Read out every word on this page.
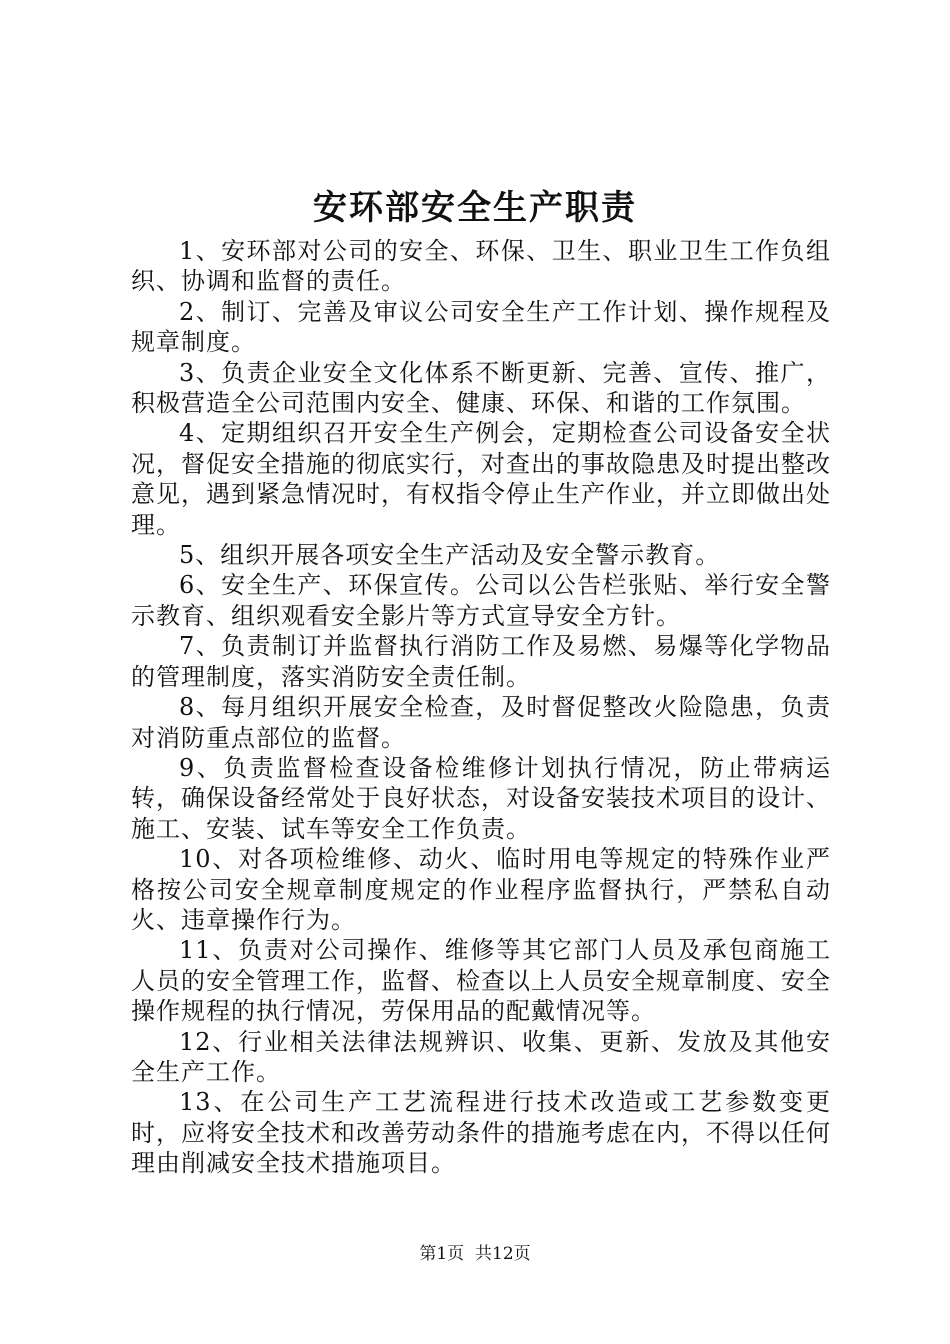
安环部安全生产职责

1、安环部对公司的安全、环保、卫生、职业卫生工作负组织、协调和监督的责任。

2、制订、完善及审议公司安全生产工作计划、操作规程及规章制度。

3、负责企业安全文化体系不断更新、完善、宣传、推广，积极营造全公司范围内安全、健康、环保、和谐的工作氛围。

4、定期组织召开安全生产例会，定期检查公司设备安全状况，督促安全措施的彻底实行，对查出的事故隐患及时提出整改意见，遇到紧急情况时，有权指令停止生产作业，并立即做出处理。

5、组织开展各项安全生产活动及安全警示教育。

6、安全生产、环保宣传。公司以公告栏张贴、举行安全警示教育、组织观看安全影片等方式宣导安全方针。

7、负责制订并监督执行消防工作及易燃、易爆等化学物品的管理制度，落实消防安全责任制。

8、每月组织开展安全检查，及时督促整改火险隐患，负责对消防重点部位的监督。

9、负责监督检查设备检维修计划执行情况，防止带病运转，确保设备经常处于良好状态，对设备安装技术项目的设计、施工、安装、试车等安全工作负责。

10、对各项检维修、动火、临时用电等规定的特殊作业严格按公司安全规章制度规定的作业程序监督执行，严禁私自动火、违章操作行为。

11、负责对公司操作、维修等其它部门人员及承包商施工人员的安全管理工作，监督、检查以上人员安全规章制度、安全操作规程的执行情况，劳保用品的配戴情况等。

12、行业相关法律法规辨识、收集、更新、发放及其他安全生产工作。

13、在公司生产工艺流程进行技术改造或工艺参数变更时，应将安全技术和改善劳动条件的措施考虑在内，不得以任何理由削减安全技术措施项目。

第1页 共12页
